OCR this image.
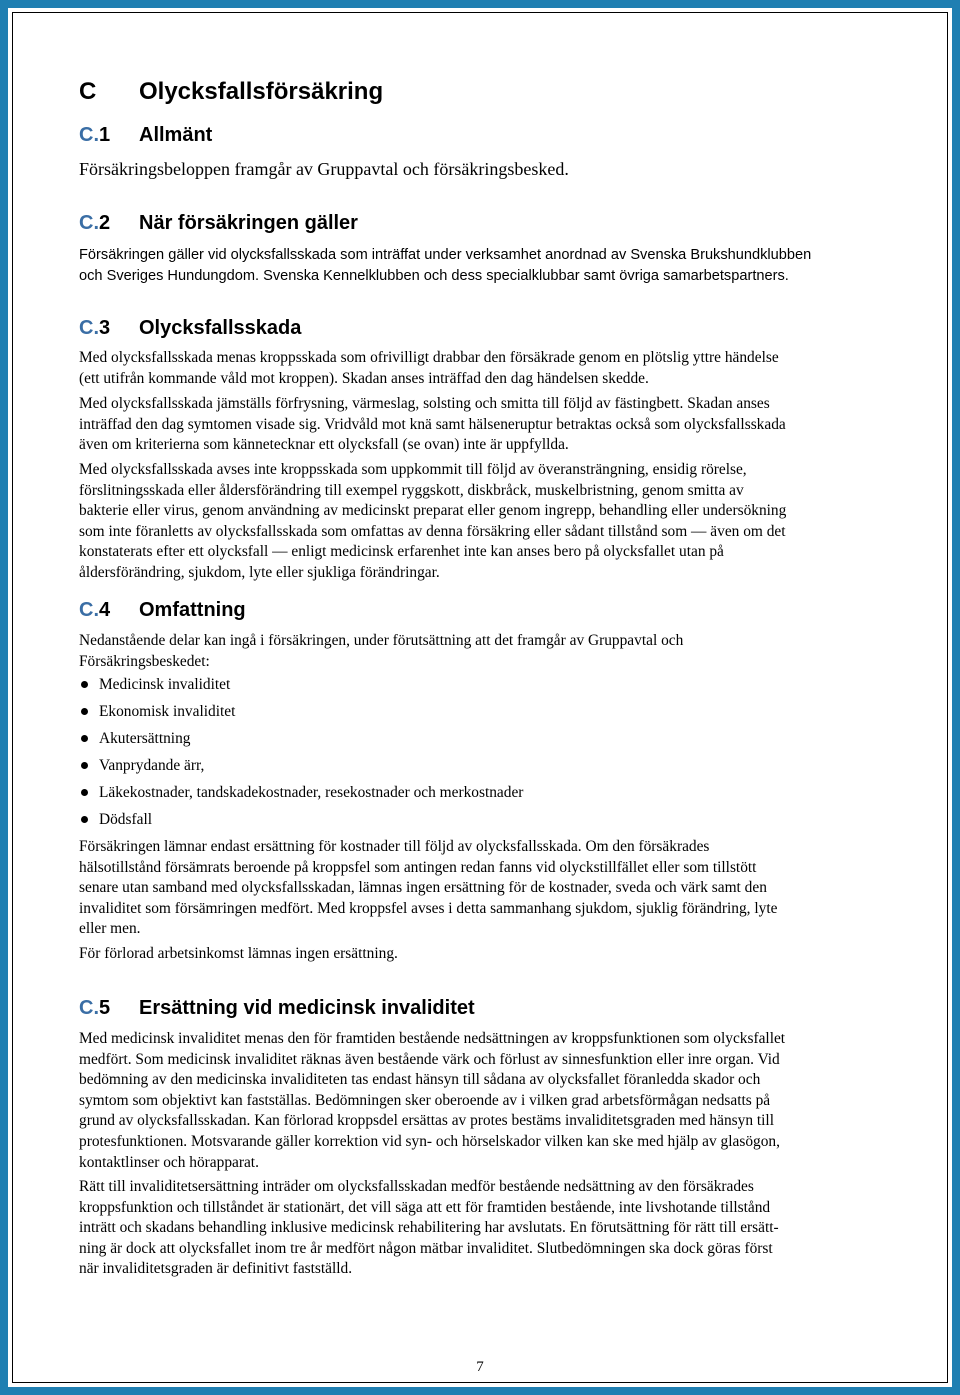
C Olycksfallsförsäkring
C.1 Allmänt
Försäkringsbeloppen framgår av Gruppavtal och försäkringsbesked.
C.2 När försäkringen gäller
Försäkringen gäller vid olycksfallsskada som inträffat under verksamhet anordnad av Svenska Brukshundklubben
och Sveriges Hundungdom. Svenska Kennelklubben och dess specialklubbar samt övriga samarbetspartners.
C.3 Olycksfallsskada
Med olycksfallsskada menas kroppsskada som ofrivilligt drabbar den försäkrade genom en plötslig yttre händelse
(ett utifrån kommande våld mot kroppen). Skadan anses inträffad den dag händelsen skedde.
Med olycksfallsskada jämställs förfrysning, värmeslag, solsting och smitta till följd av fästingbett. Skadan anses
inträffad den dag symtomen visade sig. Vridvåld mot knä samt hälseneruptur betraktas också som olycksfallsskada
även om kriterierna som kännetecknar ett olycksfall (se ovan) inte är uppfyllda.
Med olycksfallsskada avses inte kroppsskada som uppkommit till följd av överansträngning, ensidig rörelse,
förslitningsskada eller åldersförändring till exempel ryggskott, diskbråck, muskelbristning, genom smitta av
bakterie eller virus, genom användning av medicinskt preparat eller genom ingrepp, behandling eller undersökning
som inte föranletts av olycksfallsskada som omfattas av denna försäkring eller sådant tillstånd som — även om det
konstaterats efter ett olycksfall — enligt medicinsk erfarenhet inte kan anses bero på olycksfallet utan på
åldersförändring, sjukdom, lyte eller sjukliga förändringar.
C.4 Omfattning
Nedanstående delar kan ingå i försäkringen, under förutsättning att det framgår av Gruppavtal och
Försäkringsbeskedet:
Medicinsk invaliditet
Ekonomisk invaliditet
Akutersättning
Vanprydande ärr,
Läkekostnader, tandskadekostnader, resekostnader och merkostnader
Dödsfall
Försäkringen lämnar endast ersättning för kostnader till följd av olycksfallsskada. Om den försäkrades
hälsotillstånd försämrats beroende på kroppsfel som antingen redan fanns vid olyckstillfället eller som tillstött
senare utan samband med olycksfallsskadan, lämnas ingen ersättning för de kostnader, sveda och värk samt den
invaliditet som försämringen medfört. Med kroppsfel avses i detta sammanhang sjukdom, sjuklig förändring, lyte
eller men.
För förlorad arbetsinkomst lämnas ingen ersättning.
C.5 Ersättning vid medicinsk invaliditet
Med medicinsk invaliditet menas den för framtiden bestående nedsättningen av kroppsfunktionen som olycksfallet
medfört. Som medicinsk invaliditet räknas även bestående värk och förlust av sinnesfunktion eller inre organ. Vid
bedömning av den medicinska invaliditeten tas endast hänsyn till sådana av olycksfallet föranledda skador och
symtom som objektivt kan fastställas. Bedömningen sker oberoende av i vilken grad arbetsförmågan nedsatts på
grund av olycksfallsskadan. Kan förlorad kroppsdel ersättas av protes bestäms invaliditetsgraden med hänsyn till
protesfunktionen. Motsvarande gäller korrektion vid syn- och hörselskador vilken kan ske med hjälp av glasögon,
kontaktlinser och hörapparat.
Rätt till invaliditetsersättning inträder om olycksfallsskadan medför bestående nedsättning av den försäkrades
kroppsfunktion och tillståndet är stationärt, det vill säga att ett för framtiden bestående, inte livshotande tillstånd
inträtt och skadans behandling inklusive medicinsk rehabilitering har avslutats. En förutsättning för rätt till ersätt-
ning är dock att olycksfallet inom tre år medfört någon mätbar invaliditet. Slutbedömningen ska dock göras först
när invaliditetsgraden är definitivt fastställd.
7
